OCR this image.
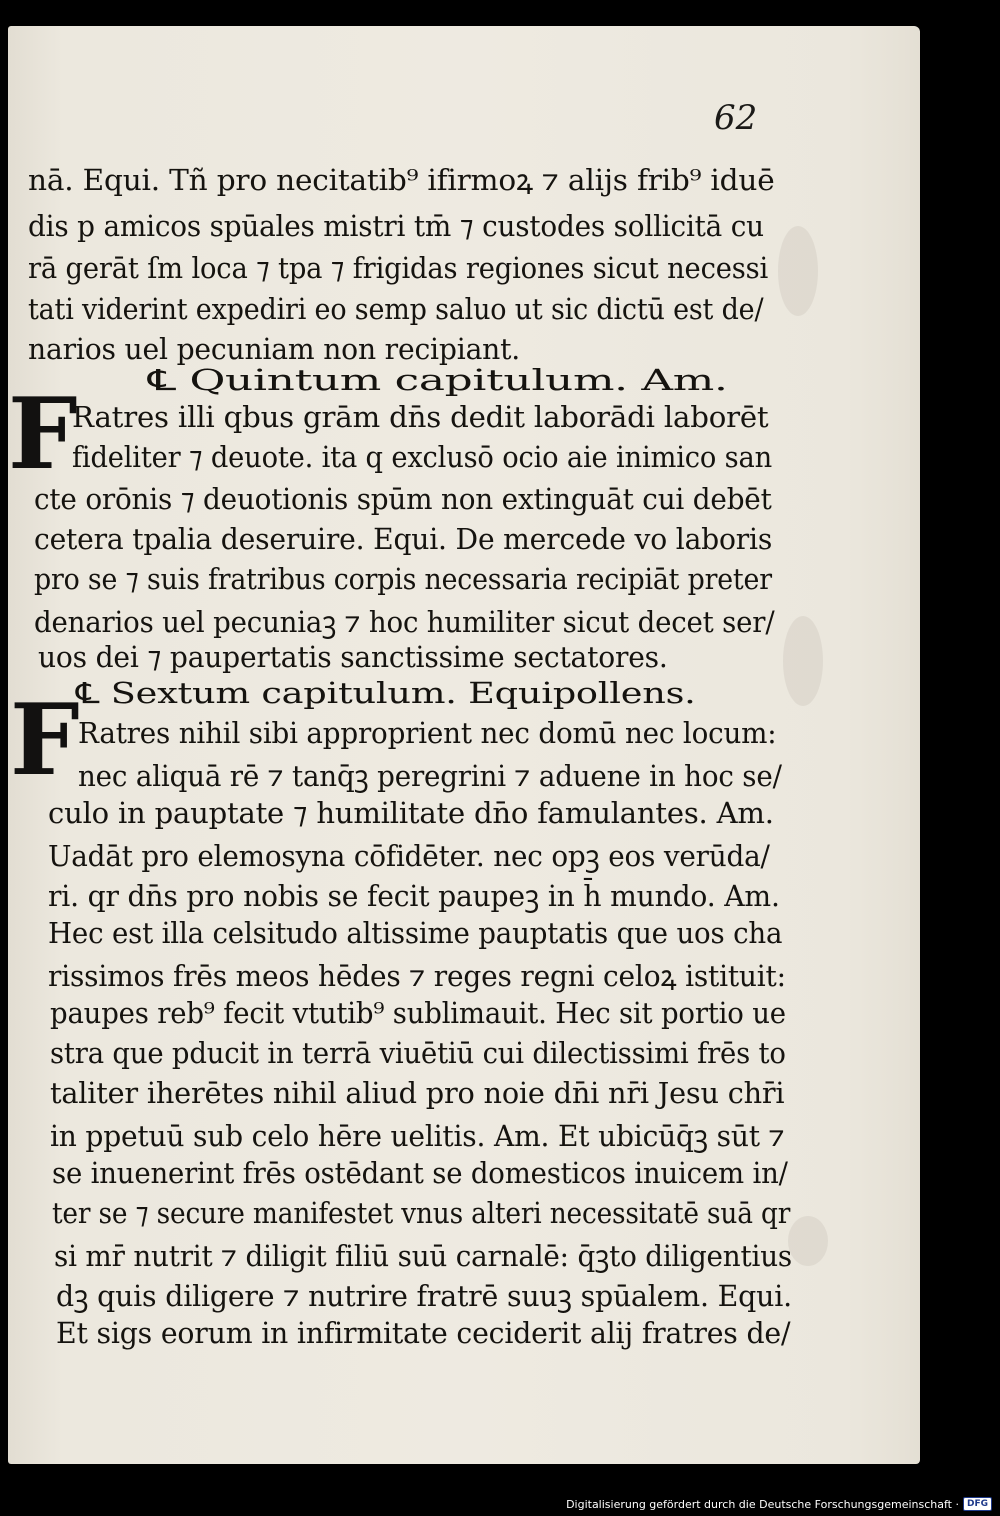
62
F
F
nā. Equi. Tñ pro necitatib⁹ ifirmoꝝ ⁊ alijs frib⁹ iduē
dis p amicos spūales mistri tm̄ ⁊ custodes sollicitā cu
rā gerāt ſm loca ⁊ tpa ⁊ frigidas regiones sicut necessi
tati viderint expediri eo semp saluo ut sic dictū est de/
narios uel pecuniam non recipiant.
℄ Quintum capitulum. Am.
Ratres illi qbus grām dn̄s dedit laborādi laborēt
fideliter ⁊ deuote. ita q exclusō ocio aie inimico san
cte orōnis ⁊ deuotionis spūm non extinguāt cui debēt
cetera tpalia deseruire. Equi. De mercede vo laboris
pro se ⁊ suis fratribus corpis necessaria recipiāt preter
denarios uel pecuniaꝫ ⁊ hoc humiliter sicut decet ser/
uos dei ⁊ paupertatis sanctissime sectatores.
℄ Sextum capitulum. Equipollens.
Ratres nihil sibi approprient nec domū nec locum:
nec aliquā rē ⁊ tanq̄ꝫ peregrini ⁊ aduene in hoc se/
culo in pauptate ⁊ humilitate dn̄o famulantes. Am.
Uadāt pro elemosyna cōfidēter. nec opꝫ eos verūda/
ri. qr dn̄s pro nobis se fecit paupeꝫ in h̄ mundo. Am.
Hec est illa celsitudo altissime pauptatis que uos cha
rissimos frēs meos hēdes ⁊ reges regni celoꝝ istituit:
paupes reb⁹ fecit vtutib⁹ sublimauit. Hec sit portio ue
stra que pducit in terrā viuētiū cui dilectissimi frēs to
taliter iherētes nihil aliud pro noie dn̄i nr̄i Jesu chr̄i
in ppetuū sub celo hēre uelitis. Am. Et ubicūq̄ꝫ sūt ⁊
se inuenerint frēs ostēdant se domesticos inuicem in/
ter se ⁊ secure manifestet vnus alteri necessitatē suā qr
si mr̄ nutrit ⁊ diligit filiū suū carnalē: q̄ꝫto diligentius
dꝫ quis diligere ⁊ nutrire fratrē suuꝫ spūalem. Equi.
Et sigs eorum in infirmitate ceciderit alij fratres de/
Digitalisierung gefördert durch die Deutsche Forschungsgemeinschaft · DFG
